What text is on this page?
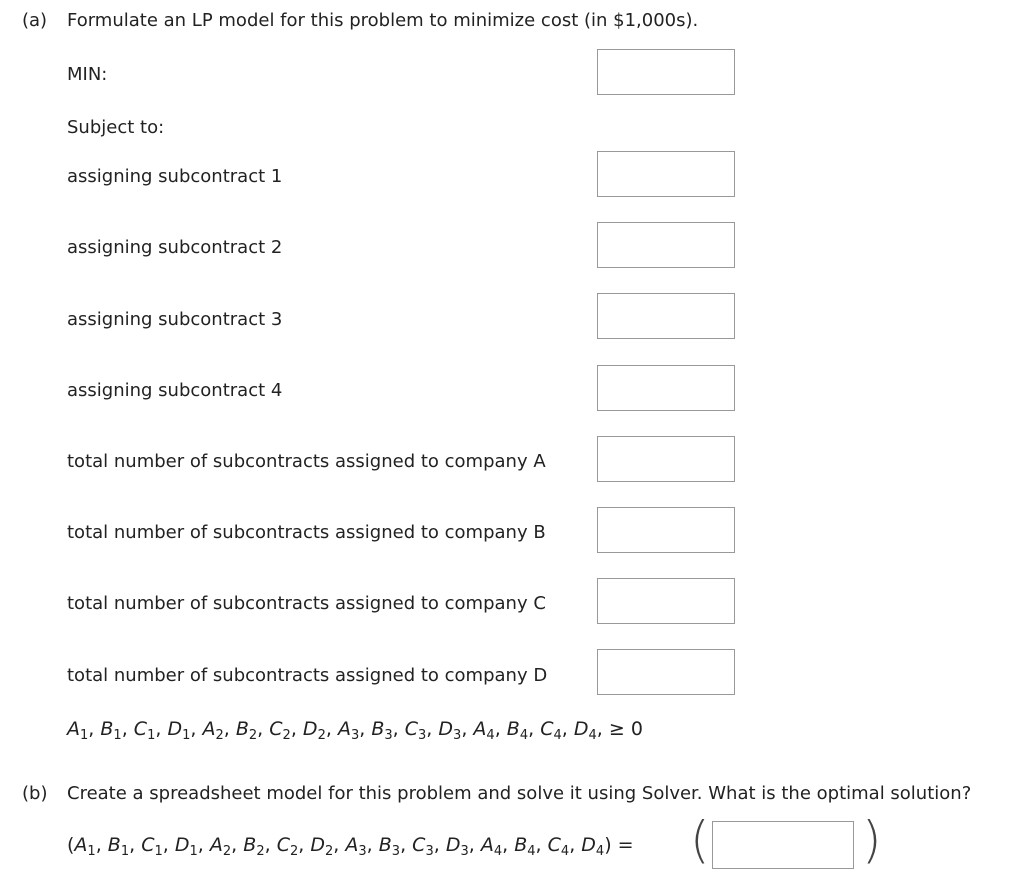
(a) Formulate an LP model for this problem to minimize cost (in $1,000s).
MIN:
Subject to:
assigning subcontract 1
assigning subcontract 2
assigning subcontract 3
assigning subcontract 4
total number of subcontracts assigned to company A
total number of subcontracts assigned to company B
total number of subcontracts assigned to company C
total number of subcontracts assigned to company D
$A_1$, $B_1$, $C_1$, $D_1$, $A_2$, $B_2$, $C_2$, $D_2$, $A_3$, $B_3$, $C_3$, $D_3$, $A_4$, $B_4$, $C_4$, $D_4$, ≥ 0
(b) Create a spreadsheet model for this problem and solve it using Solver. What is the optimal solution?
($A_1$, $B_1$, $C_1$, $D_1$, $A_2$, $B_2$, $C_2$, $D_2$, $A_3$, $B_3$, $C_3$, $D_3$, $A_4$, $B_4$, $C_4$, $D_4$) = (	)
